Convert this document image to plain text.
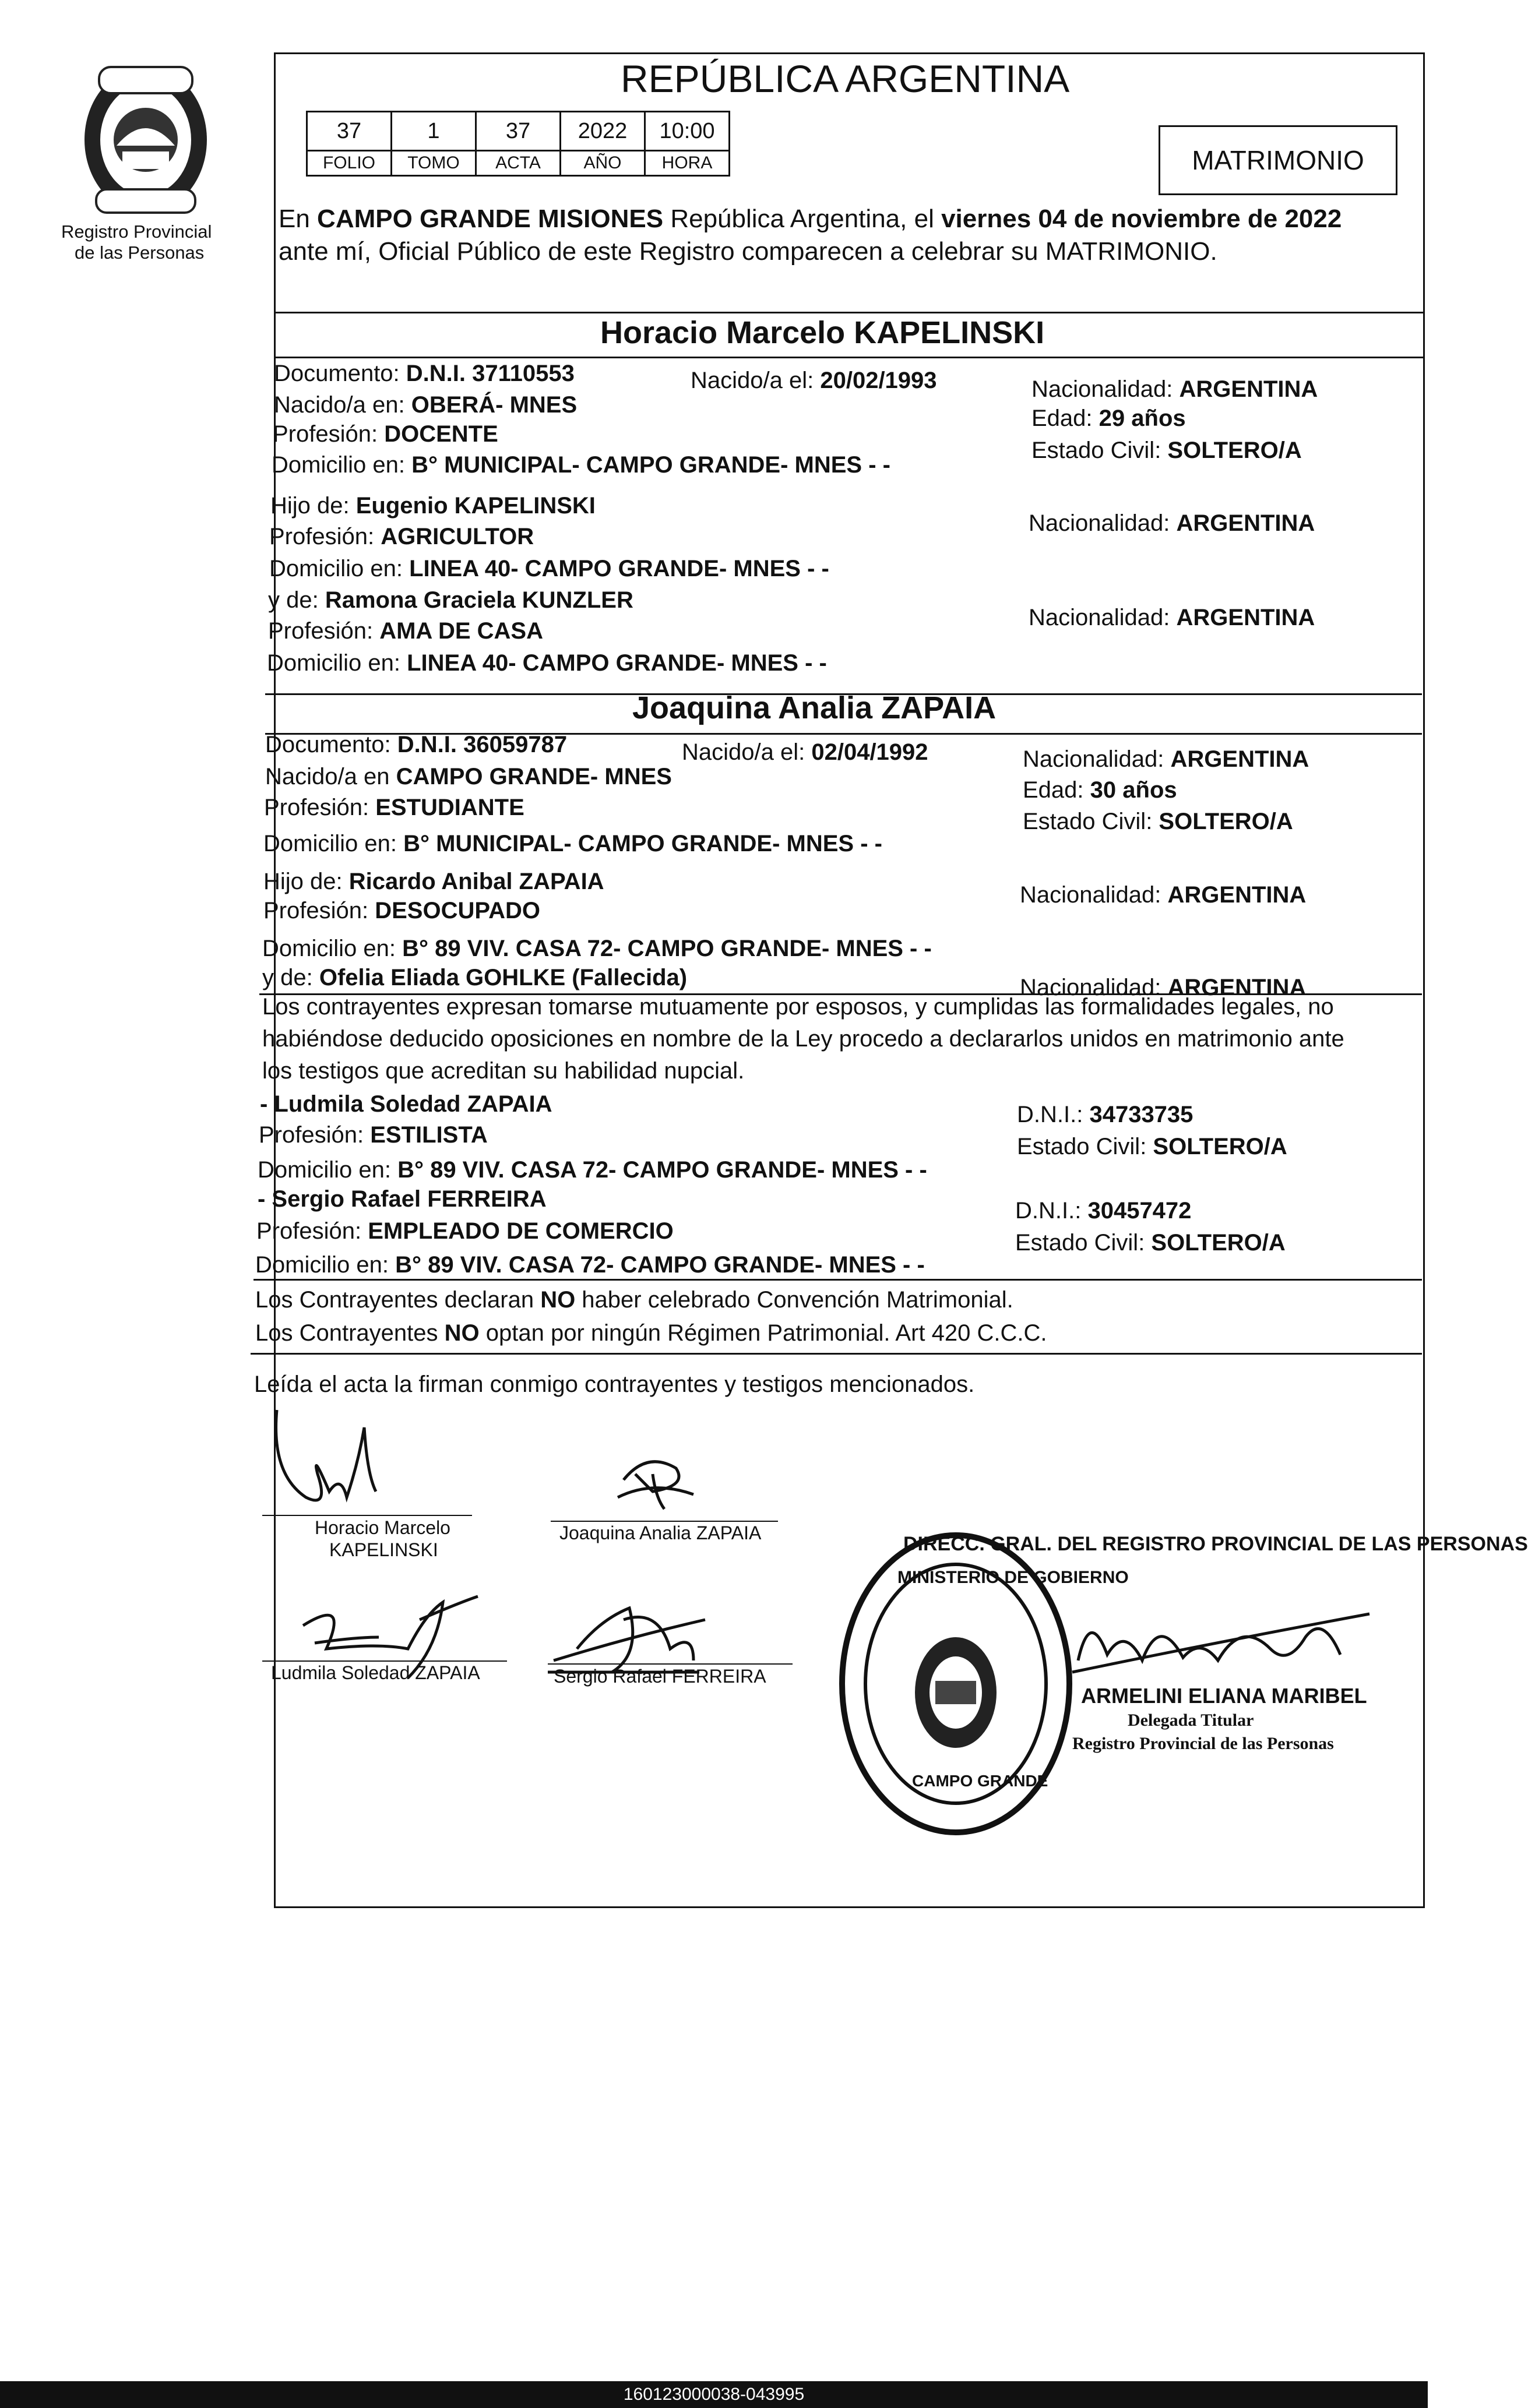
Registro Provincial
de las Personas
REPÚBLICA ARGENTINA
37	1	37	2022	10:00
FOLIO	TOMO	ACTA	AÑO	HORA	MATRIMONIO
En CAMPO GRANDE MISIONES República Argentina, el viernes 04 de noviembre de 2022
ante mí, Oficial Público de este Registro comparecen a celebrar su MATRIMONIO.
Horacio Marcelo KAPELINSKI
Documento: D.N.I. 37110553	Nacido/a el: 20/02/1993	Nacionalidad: ARGENTINA
Nacido/a en: OBERÁ- MNES
Edad: 29 años
Profesión: DOCENTE
Estado Civil: SOLTERO/A
Domicilio en: B° MUNICIPAL- CAMPO GRANDE- MNES - -
Hijo de: Eugenio KAPELINSKI
Nacionalidad: ARGENTINA
Profesión: AGRICULTOR
Domicilio en: LINEA 40- CAMPO GRANDE- MNES - -
y de: Ramona Graciela KUNZLER
Nacionalidad: ARGENTINA
Profesión: AMA DE CASA
Domicilio en: LINEA 40- CAMPO GRANDE- MNES - -
Joaquina Analia ZAPAIA
Documento: D.N.I. 36059787	Nacido/a el: 02/04/1992	Nacionalidad: ARGENTINA
Nacido/a en CAMPO GRANDE- MNES
Edad: 30 años
Profesión: ESTUDIANTE
Estado Civil: SOLTERO/A
Domicilio en: B° MUNICIPAL- CAMPO GRANDE- MNES - -
Hijo de: Ricardo Anibal ZAPAIA
Nacionalidad: ARGENTINA
Profesión: DESOCUPADO
Domicilio en: B° 89 VIV. CASA 72- CAMPO GRANDE- MNES - -
y de: Ofelia Eliada GOHLKE (Fallecida)	Nacionalidad: ARGENTINA
Los contrayentes expresan tomarse mutuamente por esposos, y cumplidas las formalidades legales, no
habiéndose deducido oposiciones en nombre de la Ley procedo a declararlos unidos en matrimonio ante
los testigos que acreditan su habilidad nupcial.
- Ludmila Soledad ZAPAIA	D.N.I.: 34733735
Profesión: ESTILISTA	Estado Civil: SOLTERO/A
Domicilio en: B° 89 VIV. CASA 72- CAMPO GRANDE- MNES - -
- Sergio Rafael FERREIRA	D.N.I.: 30457472
Profesión: EMPLEADO DE COMERCIO	Estado Civil: SOLTERO/A
Domicilio en: B° 89 VIV. CASA 72- CAMPO GRANDE- MNES - -
Los Contrayentes declaran NO haber celebrado Convención Matrimonial.
Los Contrayentes NO optan por ningún Régimen Patrimonial. Art 420 C.C.C.
Leída el acta la firman conmigo contrayentes y testigos mencionados.
Horacio Marcelo
KAPELINSKI
Joaquina Analia ZAPAIA
Ludmila Soledad ZAPAIA	Sergio Rafael FERREIRA
DIRECC. GRAL. DEL REGISTRO PROVINCIAL DE LAS PERSONAS
MINISTERIO DE GOBIERNO
CAMPO GRANDE
ARMELINI ELIANA MARIBEL
Delegada Titular
Registro Provincial de las Personas
160123000038-043995
